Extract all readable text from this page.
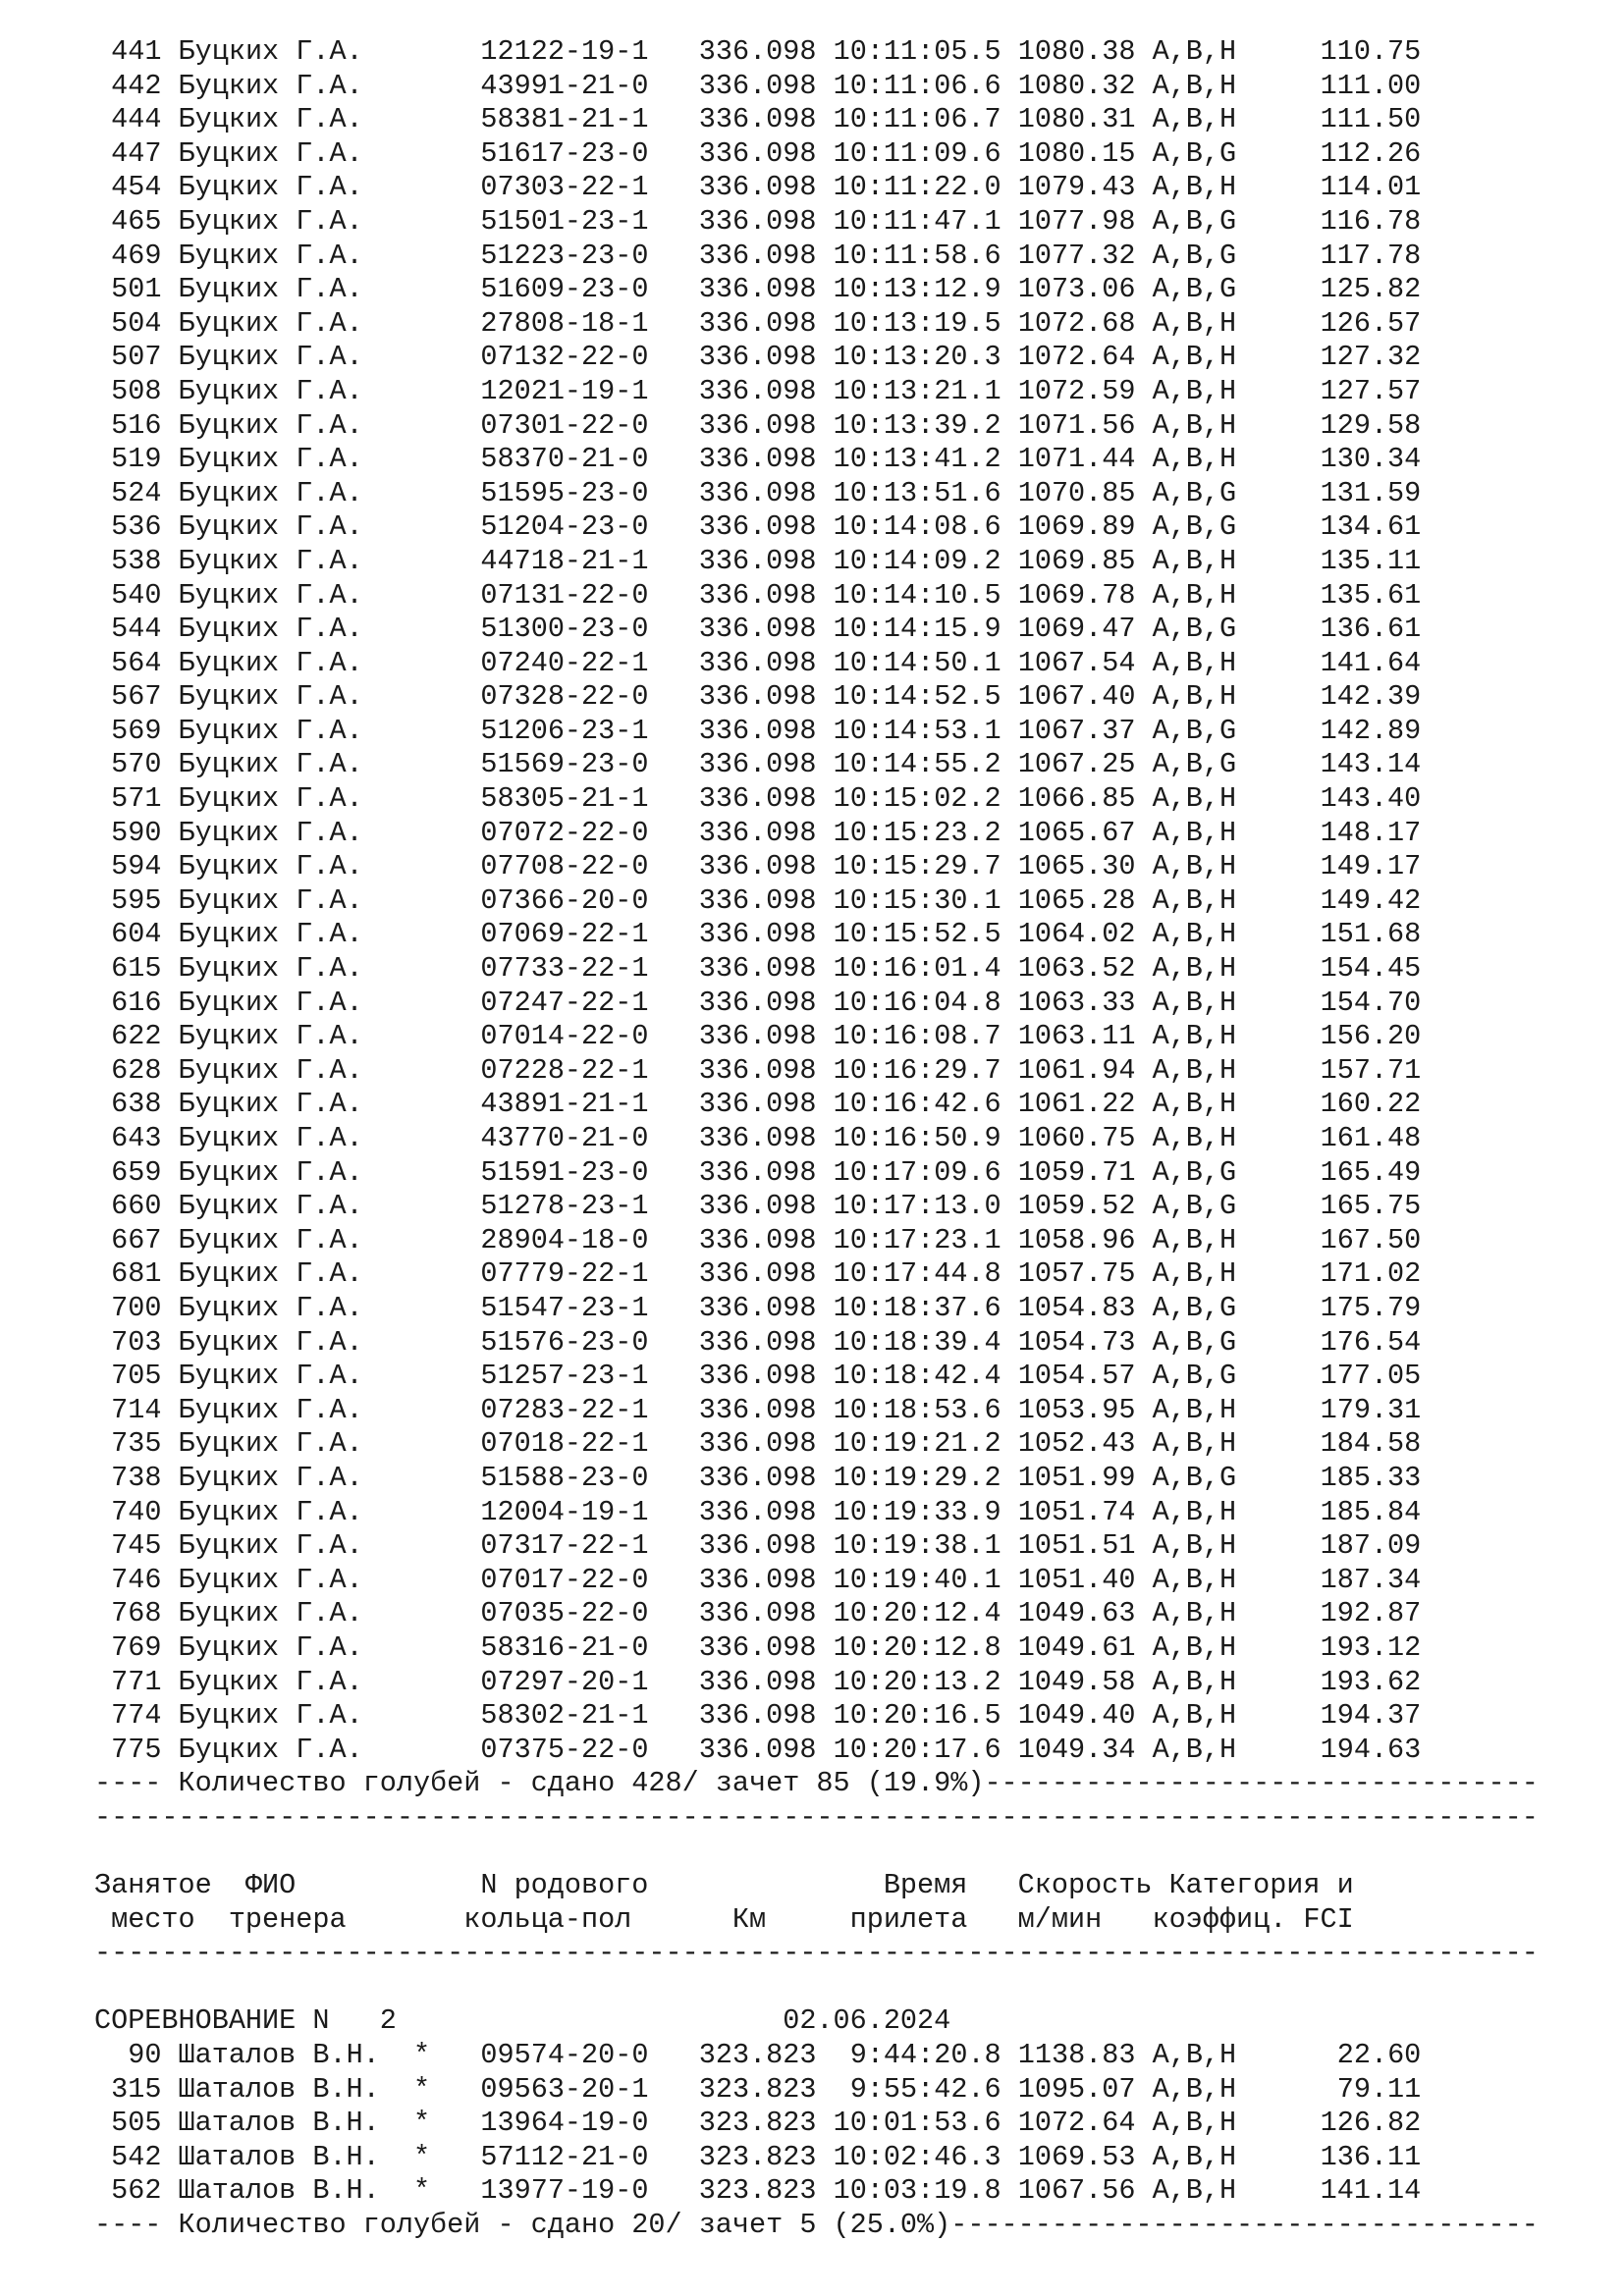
441 Буцких Г.А.	12122-19-1 336.098 10:11:05.5 1080.38 A,B,H	110.75
442 Буцких Г.А.	43991-21-0 336.098 10:11:06.6 1080.32 A,B,H	111.00
444 Буцких Г.А.	58381-21-1 336.098 10:11:06.7 1080.31 A,B,H	111.50
447 Буцких Г.А.	51617-23-0 336.098 10:11:09.6 1080.15 A,B,G	112.26
454 Буцких Г.А.	07303-22-1 336.098 10:11:22.0 1079.43 A,B,H	114.01
465 Буцких Г.А.	51501-23-1 336.098 10:11:47.1 1077.98 A,B,G	116.78
469 Буцких Г.А.	51223-23-0 336.098 10:11:58.6 1077.32 A,B,G	117.78
501 Буцких Г.А.	51609-23-0 336.098 10:13:12.9 1073.06 A,B,G	125.82
504 Буцких Г.А.	27808-18-1 336.098 10:13:19.5 1072.68 A,B,H	126.57
507 Буцких Г.А.	07132-22-0 336.098 10:13:20.3 1072.64 A,B,H	127.32
508 Буцких Г.А.	12021-19-1 336.098 10:13:21.1 1072.59 A,B,H	127.57
516 Буцких Г.А.	07301-22-0 336.098 10:13:39.2 1071.56 A,B,H	129.58
519 Буцких Г.А.	58370-21-0 336.098 10:13:41.2 1071.44 A,B,H	130.34
524 Буцких Г.А.	51595-23-0 336.098 10:13:51.6 1070.85 A,B,G	131.59
536 Буцких Г.А.	51204-23-0 336.098 10:14:08.6 1069.89 A,B,G	134.61
538 Буцких Г.А.	44718-21-1 336.098 10:14:09.2 1069.85 A,B,H	135.11
540 Буцких Г.А.	07131-22-0 336.098 10:14:10.5 1069.78 A,B,H	135.61
544 Буцких Г.А.	51300-23-0 336.098 10:14:15.9 1069.47 A,B,G	136.61
564 Буцких Г.А.	07240-22-1 336.098 10:14:50.1 1067.54 A,B,H	141.64
567 Буцких Г.А.	07328-22-0 336.098 10:14:52.5 1067.40 A,B,H	142.39
569 Буцких Г.А.	51206-23-1 336.098 10:14:53.1 1067.37 A,B,G	142.89
570 Буцких Г.А.	51569-23-0 336.098 10:14:55.2 1067.25 A,B,G	143.14
571 Буцких Г.А.	58305-21-1 336.098 10:15:02.2 1066.85 A,B,H	143.40
590 Буцких Г.А.	07072-22-0 336.098 10:15:23.2 1065.67 A,B,H	148.17
594 Буцких Г.А.	07708-22-0 336.098 10:15:29.7 1065.30 A,B,H	149.17
595 Буцких Г.А.	07366-20-0 336.098 10:15:30.1 1065.28 A,B,H	149.42
604 Буцких Г.А.	07069-22-1 336.098 10:15:52.5 1064.02 A,B,H	151.68
615 Буцких Г.А.	07733-22-1 336.098 10:16:01.4 1063.52 A,B,H	154.45
616 Буцких Г.А.	07247-22-1 336.098 10:16:04.8 1063.33 A,B,H	154.70
622 Буцких Г.А.	07014-22-0 336.098 10:16:08.7 1063.11 A,B,H	156.20
628 Буцких Г.А.	07228-22-1 336.098 10:16:29.7 1061.94 A,B,H	157.71
638 Буцких Г.А.	43891-21-1 336.098 10:16:42.6 1061.22 A,B,H	160.22
643 Буцких Г.А.	43770-21-0 336.098 10:16:50.9 1060.75 A,B,H	161.48
659 Буцких Г.А.	51591-23-0 336.098 10:17:09.6 1059.71 A,B,G	165.49
660 Буцких Г.А.	51278-23-1 336.098 10:17:13.0 1059.52 A,B,G	165.75
667 Буцких Г.А.	28904-18-0 336.098 10:17:23.1 1058.96 A,B,H	167.50
681 Буцких Г.А.	07779-22-1 336.098 10:17:44.8 1057.75 A,B,H	171.02
700 Буцких Г.А.	51547-23-1 336.098 10:18:37.6 1054.83 A,B,G	175.79
703 Буцких Г.А.	51576-23-0 336.098 10:18:39.4 1054.73 A,B,G	176.54
705 Буцких Г.А.	51257-23-1 336.098 10:18:42.4 1054.57 A,B,G	177.05
714 Буцких Г.А.	07283-22-1 336.098 10:18:53.6 1053.95 A,B,H	179.31
735 Буцких Г.А.	07018-22-1 336.098 10:19:21.2 1052.43 A,B,H	184.58
738 Буцких Г.А.	51588-23-0 336.098 10:19:29.2 1051.99 A,B,G	185.33
740 Буцких Г.А.	12004-19-1 336.098 10:19:33.9 1051.74 A,B,H	185.84
745 Буцких Г.А.	07317-22-1 336.098 10:19:38.1 1051.51 A,B,H	187.09
746 Буцких Г.А.	07017-22-0 336.098 10:19:40.1 1051.40 A,B,H	187.34
768 Буцких Г.А.	07035-22-0 336.098 10:20:12.4 1049.63 A,B,H	192.87
769 Буцких Г.А.	58316-21-0 336.098 10:20:12.8 1049.61 A,B,H	193.12
771 Буцких Г.А.	07297-20-1 336.098 10:20:13.2 1049.58 A,B,H	193.62
774 Буцких Г.А.	58302-21-1 336.098 10:20:16.5 1049.40 A,B,H	194.37
775 Буцких Г.А.	07375-22-0 336.098 10:20:17.6 1049.34 A,B,H	194.63
---- Количество голубей - сдано 428/ зачет 85 (19.9%)---------------------------------
--------------------------------------------------------------------------------------
Занятое  ФИО           N родового              Время   Скорость Категория и
место  тренера       кольца-пол      Км     прилета   м/мин   коэффиц. FCI
--------------------------------------------------------------------------------------
СОРЕВНОВАНИЕ N   2                       02.06.2024
90 Шаталов В.Н. * 09574-20-0 323.823 9:44:20.8 1138.83 A,B,H	22.60
315 Шаталов В.Н. * 09563-20-1 323.823 9:55:42.6 1095.07 A,B,H	79.11
505 Шаталов В.Н. * 13964-19-0 323.823 10:01:53.6 1072.64 A,B,H	126.82
542 Шаталов В.Н. * 57112-21-0 323.823 10:02:46.3 1069.53 A,B,H	136.11
562 Шаталов В.Н. * 13977-19-0 323.823 10:03:19.8 1067.56 A,B,H	141.14
---- Количество голубей - сдано 20/ зачет 5 (25.0%)-----------------------------------
